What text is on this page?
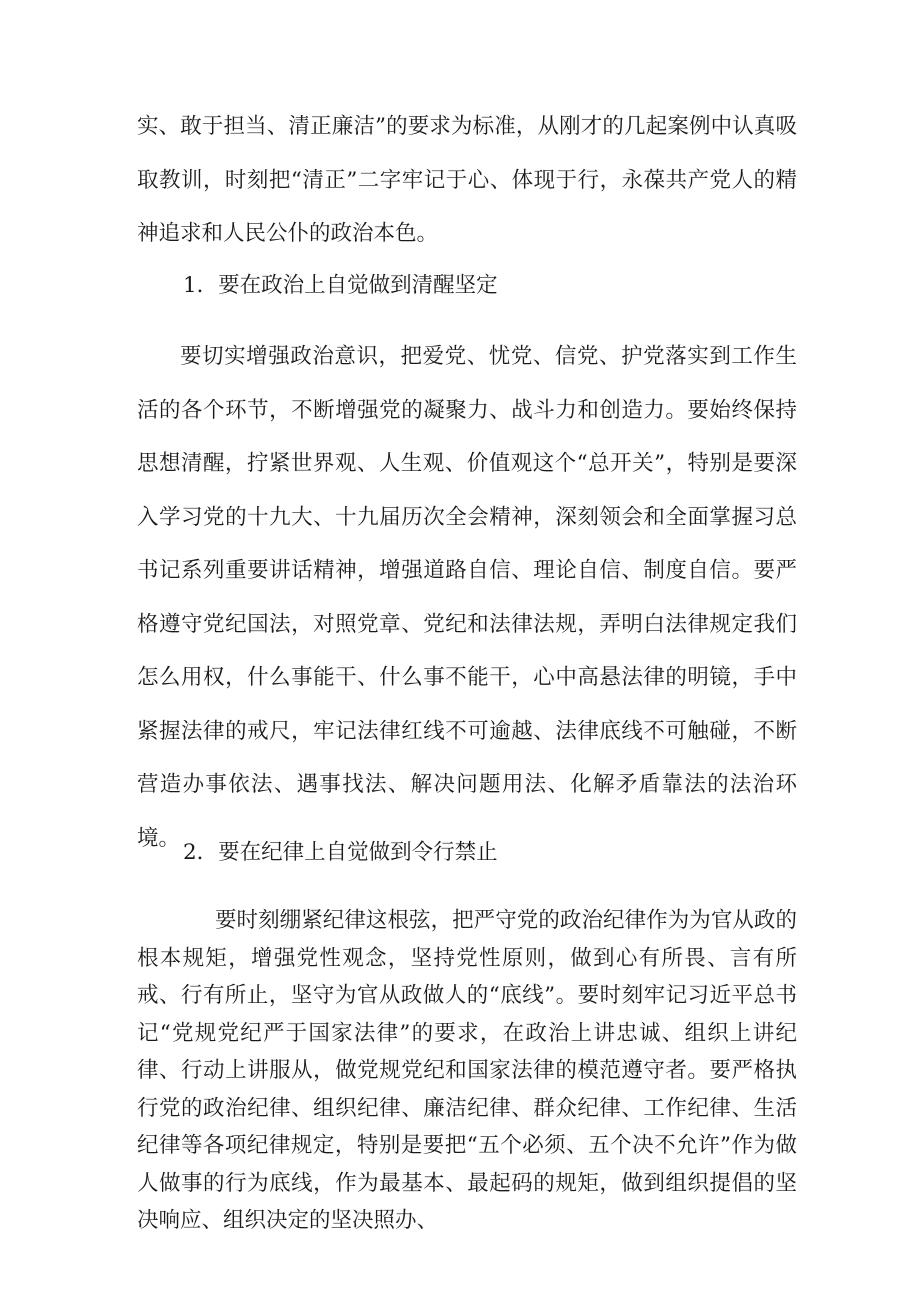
实、敢于担当、清正廉洁”的要求为标准，从刚才的几起案例中认真吸取教训，时刻把“清正”二字牢记于心、体现于行，永葆共产党人的精神追求和人民公仆的政治本色。

1．要在政治上自觉做到清醒坚定

要切实增强政治意识，把爱党、忧党、信党、护党落实到工作生活的各个环节，不断增强党的凝聚力、战斗力和创造力。要始终保持思想清醒，拧紧世界观、人生观、价值观这个“总开关”，特别是要深入学习党的十九大、十九届历次全会精神，深刻领会和全面掌握习总书记系列重要讲话精神，增强道路自信、理论自信、制度自信。要严格遵守党纪国法，对照党章、党纪和法律法规，弄明白法律规定我们怎么用权，什么事能干、什么事不能干，心中高悬法律的明镜，手中紧握法律的戒尺，牢记法律红线不可逾越、法律底线不可触碰，不断营造办事依法、遇事找法、解决问题用法、化解矛盾靠法的法治环境。

2．要在纪律上自觉做到令行禁止

要时刻绷紧纪律这根弦，把严守党的政治纪律作为为官从政的根本规矩，增强党性观念，坚持党性原则，做到心有所畏、言有所戒、行有所止，坚守为官从政做人的“底线”。要时刻牢记习近平总书记“党规党纪严于国家法律”的要求，在政治上讲忠诚、组织上讲纪律、行动上讲服从，做党规党纪和国家法律的模范遵守者。要严格执行党的政治纪律、组织纪律、廉洁纪律、群众纪律、工作纪律、生活纪律等各项纪律规定，特别是要把“五个必须、五个决不允许”作为做人做事的行为底线，作为最基本、最起码的规矩，做到组织提倡的坚决响应、组织决定的坚决照办、
